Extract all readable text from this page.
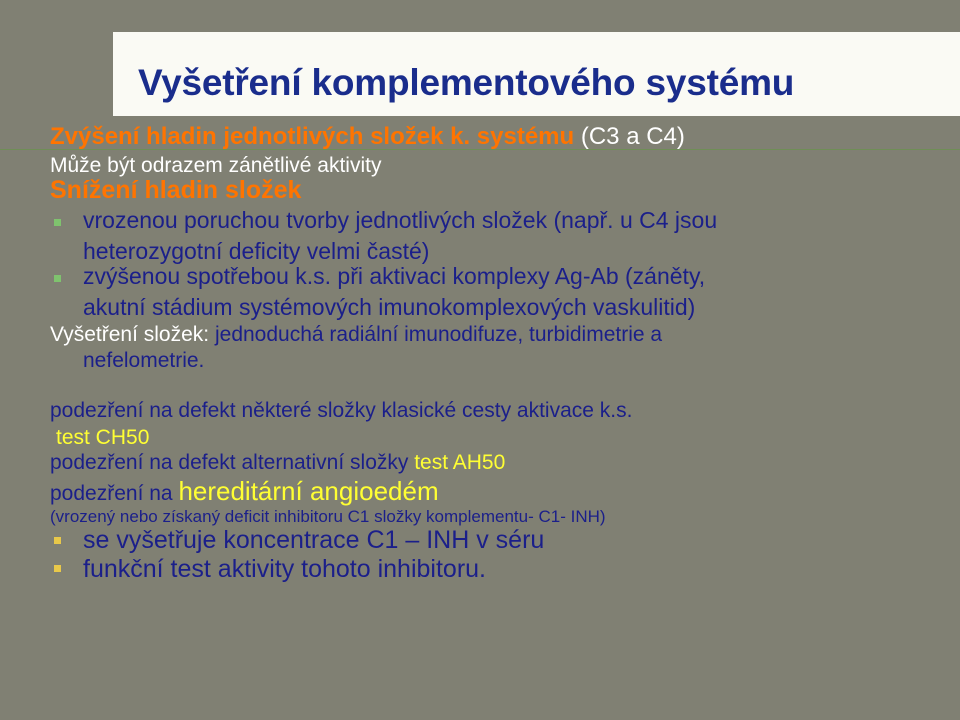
Vyšetření komplementového systému
Zvýšení hladin jednotlivých složek k. systému (C3 a C4)
Může být odrazem zánětlivé aktivity
Snížení hladin složek
vrozenou poruchou tvorby jednotlivých složek (např. u C4 jsou
heterozygotní deficity velmi časté)
zvýšenou spotřebou k.s. při aktivaci komplexy Ag-Ab (záněty,
akutní stádium systémových imunokomplexových vaskulitid)
Vyšetření složek: jednoduchá radiální imunodifuze, turbidimetrie a
nefelometrie.
podezření na defekt některé složky klasické cesty aktivace k.s.
test CH50
podezření na defekt alternativní složky test AH50
podezření na hereditární angioedém
(vrozený nebo získaný deficit inhibitoru C1 složky komplementu- C1- INH)
se vyšetřuje koncentrace C1 – INH v séru
funkční test aktivity tohoto inhibitoru.
